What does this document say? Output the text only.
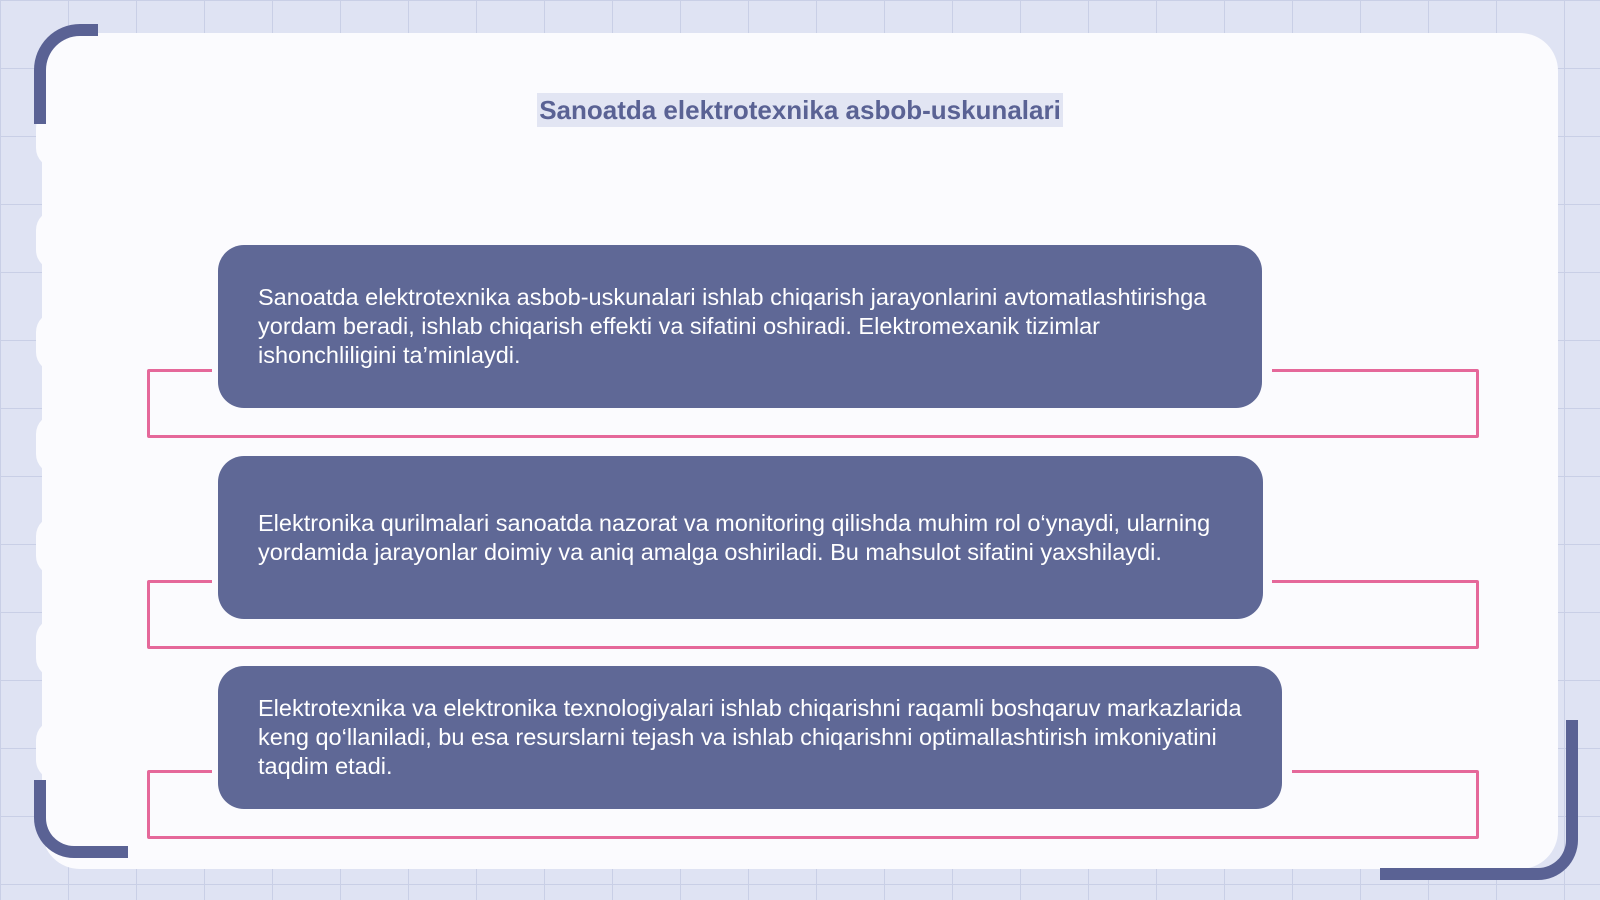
Sanoatda elektrotexnika asbob-uskunalari

Sanoatda elektrotexnika asbob-uskunalari ishlab chiqarish jarayonlarini avtomatlashtirishga yordam beradi, ishlab chiqarish effekti va sifatini oshiradi. Elektromexanik tizimlar ishonchliligini ta’minlaydi.

Elektronika qurilmalari sanoatda nazorat va monitoring qilishda muhim rol o‘ynaydi, ularning yordamida jarayonlar doimiy va aniq amalga oshiriladi. Bu mahsulot sifatini yaxshilaydi.

Elektrotexnika va elektronika texnologiyalari ishlab chiqarishni raqamli boshqaruv markazlarida keng qo‘llaniladi, bu esa resurslarni tejash va ishlab chiqarishni optimallashtirish imkoniyatini taqdim etadi.
